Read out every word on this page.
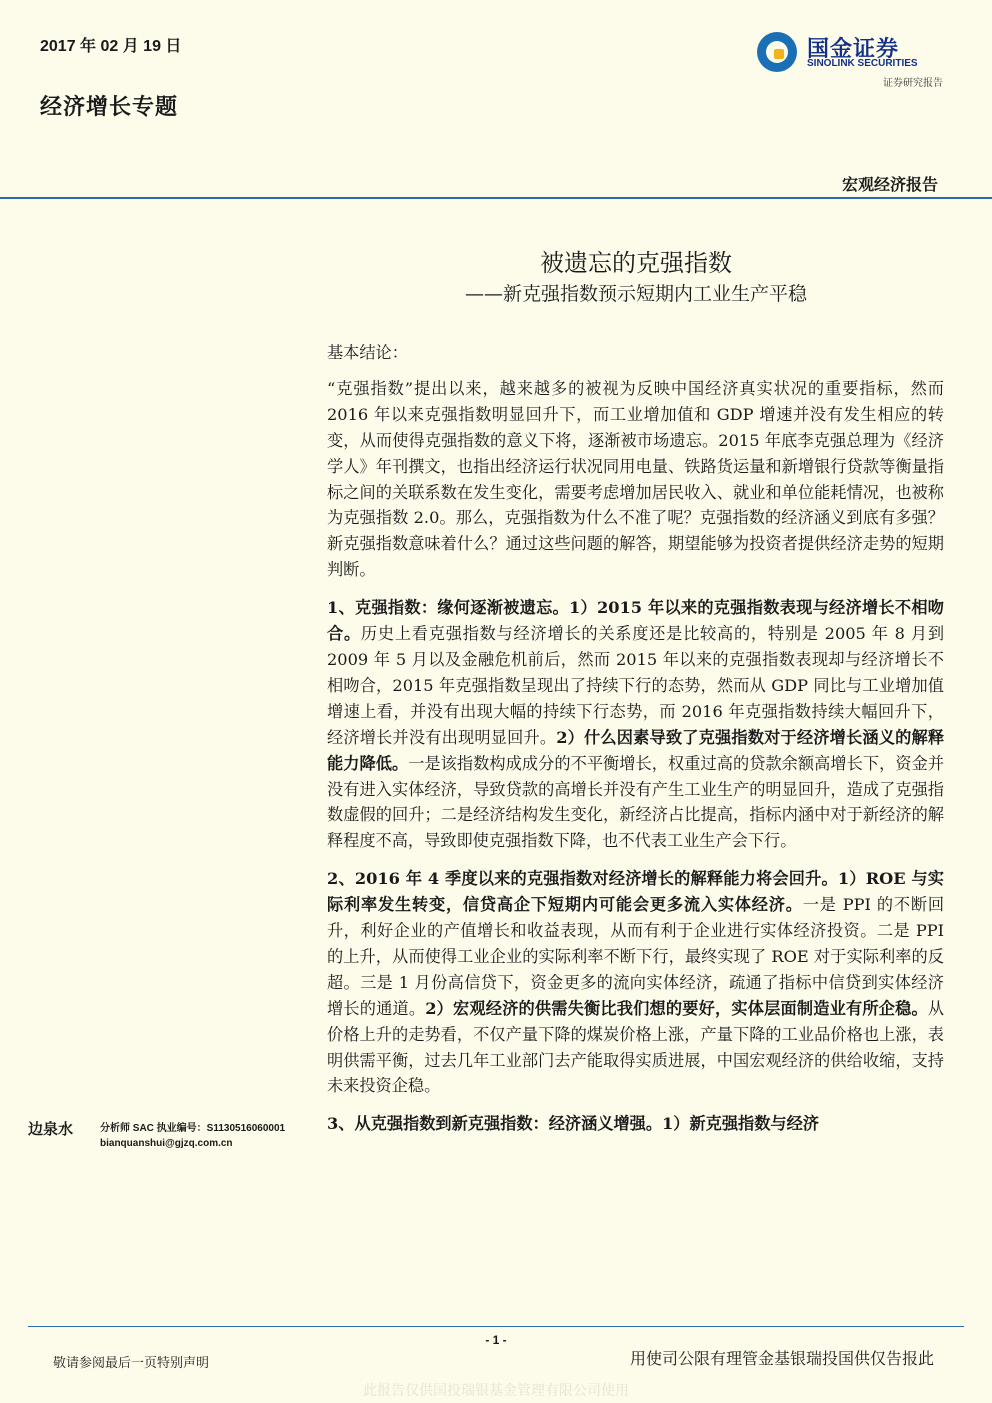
2017 年 02 月 19 日
经济增长专题
国金证券
SINOLINK SECURITIES
证券研究报告
宏观经济报告
被遗忘的克强指数
——新克强指数预示短期内工业生产平稳

基本结论：

“克强指数”提出以来，越来越多的被视为反映中国经济真实状况的重要指标，然而 2016 年以来克强指数明显回升下，而工业增加值和 GDP 增速并没有发生相应的转变，从而使得克强指数的意义下将，逐渐被市场遗忘。2015 年底李克强总理为《经济学人》年刊撰文，也指出经济运行状况同用电量、铁路货运量和新增银行贷款等衡量指标之间的关联系数在发生变化，需要考虑增加居民收入、就业和单位能耗情况，也被称为克强指数 2.0。那么，克强指数为什么不准了呢？克强指数的经济涵义到底有多强？新克强指数意味着什么？通过这些问题的解答，期望能够为投资者提供经济走势的短期判断。

1、克强指数：缘何逐渐被遗忘。1）2015 年以来的克强指数表现与经济增长不相吻合。历史上看克强指数与经济增长的关系度还是比较高的，特别是 2005 年 8 月到 2009 年 5 月以及金融危机前后，然而 2015 年以来的克强指数表现却与经济增长不相吻合，2015 年克强指数呈现出了持续下行的态势，然而从 GDP 同比与工业增加值增速上看，并没有出现大幅的持续下行态势，而 2016 年克强指数持续大幅回升下，经济增长并没有出现明显回升。2）什么因素导致了克强指数对于经济增长涵义的解释能力降低。一是该指数构成成分的不平衡增长，权重过高的贷款余额高增长下，资金并没有进入实体经济，导致贷款的高增长并没有产生工业生产的明显回升，造成了克强指数虚假的回升；二是经济结构发生变化，新经济占比提高，指标内涵中对于新经济的解释程度不高，导致即使克强指数下降，也不代表工业生产会下行。

2、2016 年 4 季度以来的克强指数对经济增长的解释能力将会回升。1）ROE 与实际利率发生转变，信贷高企下短期内可能会更多流入实体经济。一是 PPI 的不断回升，利好企业的产值增长和收益表现，从而有利于企业进行实体经济投资。二是 PPI 的上升，从而使得工业企业的实际利率不断下行，最终实现了 ROE 对于实际利率的反超。三是 1 月份高信贷下，资金更多的流向实体经济，疏通了指标中信贷到实体经济增长的通道。2）宏观经济的供需失衡比我们想的要好，实体层面制造业有所企稳。从价格上升的走势看，不仅产量下降的煤炭价格上涨，产量下降的工业品价格也上涨，表明供需平衡，过去几年工业部门去产能取得实质进展，中国宏观经济的供给收缩，支持未来投资企稳。

3、从克强指数到新克强指数：经济涵义增强。1）新克强指数与经济

边泉水	分析师 SAC 执业编号：S1130516060001
bianquanshui@gjzq.com.cn
- 1 -
敬请参阅最后一页特别声明	用使司公限有理管金基银瑞投国供仅告报此
此报告仅供国投瑞银基金管理有限公司使用
